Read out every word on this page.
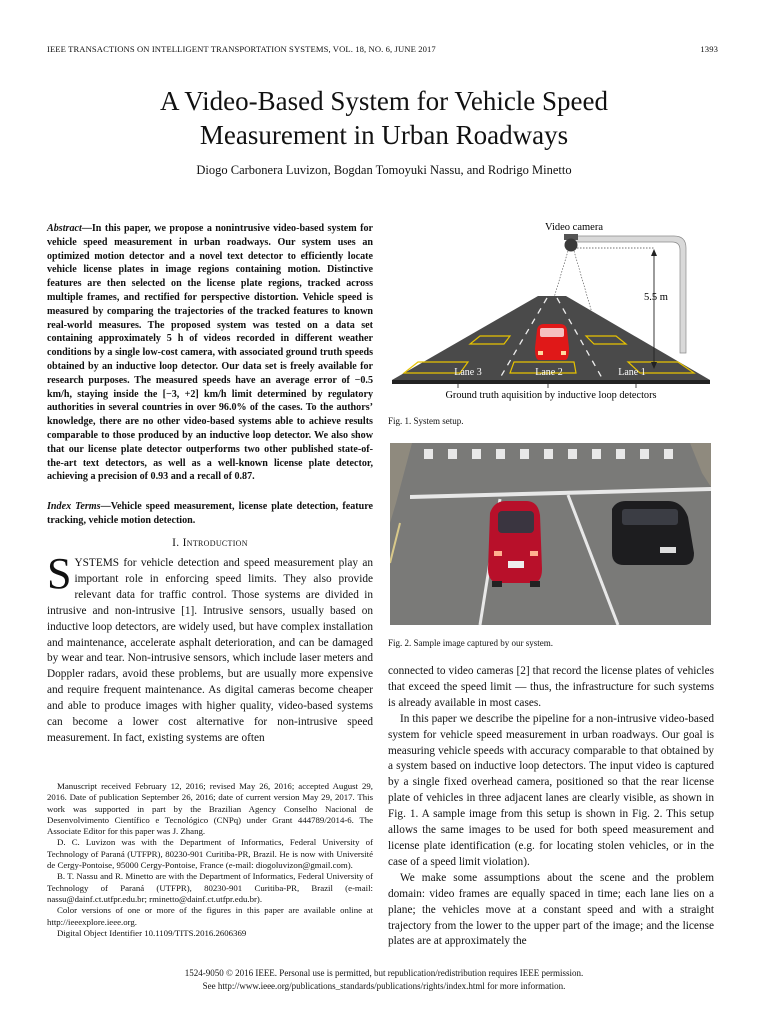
IEEE TRANSACTIONS ON INTELLIGENT TRANSPORTATION SYSTEMS, VOL. 18, NO. 6, JUNE 2017	1393
A Video-Based System for Vehicle Speed
Measurement in Urban Roadways
Diogo Carbonera Luvizon, Bogdan Tomoyuki Nassu, and Rodrigo Minetto
Abstract—In this paper, we propose a nonintrusive video-based system for vehicle speed measurement in urban roadways. Our system uses an optimized motion detector and a novel text detector to efficiently locate vehicle license plates in image regions containing motion. Distinctive features are then selected on the license plate regions, tracked across multiple frames, and rectified for perspective distortion. Vehicle speed is measured by comparing the trajectories of the tracked features to known real-world measures. The proposed system was tested on a data set containing approximately 5 h of videos recorded in different weather conditions by a single low-cost camera, with associated ground truth speeds obtained by an inductive loop detector. Our data set is freely available for research purposes. The measured speeds have an average error of −0.5 km/h, staying inside the [−3, +2] km/h limit determined by regulatory authorities in several countries in over 96.0% of the cases. To the authors’ knowledge, there are no other video-based systems able to achieve results comparable to those produced by an inductive loop detector. We also show that our license plate detector outperforms two other published state-of-the-art text detectors, as well as a well-known license plate detector, achieving a precision of 0.93 and a recall of 0.87.
Index Terms—Vehicle speed measurement, license plate detection, feature tracking, vehicle motion detection.
I. Introduction
SYSTEMS for vehicle detection and speed measurement play an important role in enforcing speed limits. They also provide relevant data for traffic control. Those systems are divided in intrusive and non-intrusive [1]. Intrusive sensors, usually based on inductive loop detectors, are widely used, but have complex installation and maintenance, accelerate asphalt deterioration, and can be damaged by wear and tear. Non-intrusive sensors, which include laser meters and Doppler radars, avoid these problems, but are usually more expensive and require frequent maintenance. As digital cameras become cheaper and able to produce images with higher quality, video-based systems can become a lower cost alternative for non-intrusive speed measurement. In fact, existing systems are often

Manuscript received February 12, 2016; revised May 26, 2016; accepted August 29, 2016. Date of publication September 26, 2016; date of current version May 29, 2017. This work was supported in part by the Brazilian Agency Conselho Nacional de Desenvolvimento Científico e Tecnológico (CNPq) under Grant 444789/2014-6. The Associate Editor for this paper was J. Zhang.

D. C. Luvizon was with the Department of Informatics, Federal University of Technology of Paraná (UTFPR), 80230-901 Curitiba-PR, Brazil. He is now with Université de Cergy-Pontoise, 95000 Cergy-Pontoise, France (e-mail: diogoluvizon@gmail.com).

B. T. Nassu and R. Minetto are with the Department of Informatics, Federal University of Technology of Paraná (UTFPR), 80230-901 Curitiba-PR, Brazil (e-mail: nassu@dainf.ct.utfpr.edu.br; rminetto@dainf.ct.utfpr.edu.br).

Color versions of one or more of the figures in this paper are available online at http://ieeexplore.ieee.org.

Digital Object Identifier 10.1109/TITS.2016.2606369

Video camera
5.5 m
Lane 3	Lane 2	Lane 1
Ground truth aquisition by inductive loop detectors
Fig. 1. System setup.
Fig. 2. Sample image captured by our system.

connected to video cameras [2] that record the license plates of vehicles that exceed the speed limit — thus, the infrastructure for such systems is already available in most cases.

In this paper we describe the pipeline for a non-intrusive video-based system for vehicle speed measurement in urban roadways. Our goal is measuring vehicle speeds with accuracy comparable to that obtained by a system based on inductive loop detectors. The input video is captured by a single fixed overhead camera, positioned so that the rear license plate of vehicles in three adjacent lanes are clearly visible, as shown in Fig. 1. A sample image from this setup is shown in Fig. 2. This setup allows the same images to be used for both speed measurement and license plate identification (e.g. for locating stolen vehicles, or in the case of a speed limit violation).

We make some assumptions about the scene and the problem domain: video frames are equally spaced in time; each lane lies on a plane; the vehicles move at a constant speed and with a straight trajectory from the lower to the upper part of the image; and the license plates are at approximately the

1524-9050 © 2016 IEEE. Personal use is permitted, but republication/redistribution requires IEEE permission.
See http://www.ieee.org/publications_standards/publications/rights/index.html for more information.
